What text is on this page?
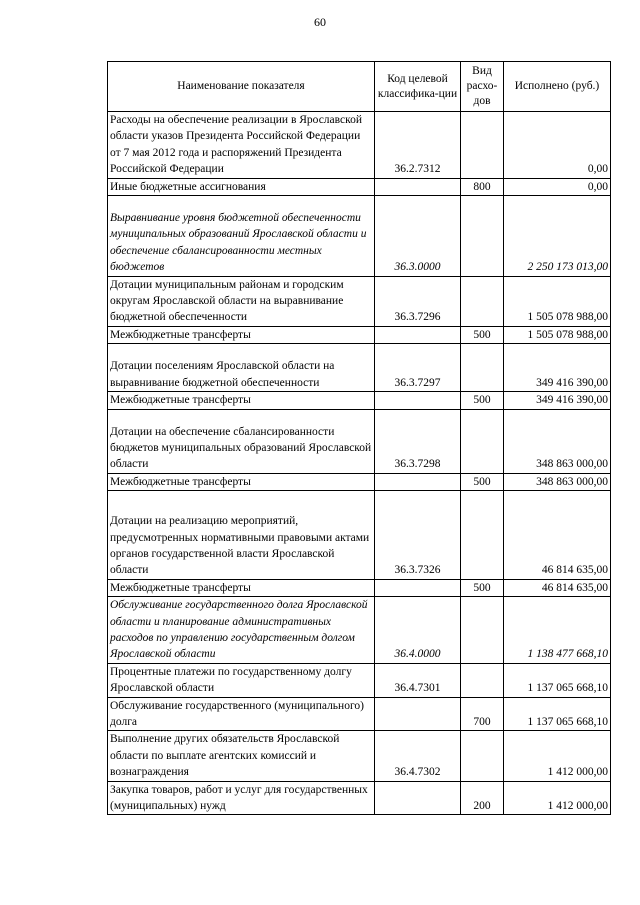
60
Наименование показателя	Код целевой классифика-ции	Вид расхо-дов	Исполнено (руб.)
Расходы на обеспечение реализации в Ярославской области указов Президента Российской Федерации от 7 мая 2012 года и распоряжений Президента Российской Федерации	36.2.7312		0,00
Иные бюджетные ассигнования		800	0,00
Выравнивание уровня бюджетной обеспеченности муниципальных образований Ярославской области и обеспечение сбалансированности местных бюджетов	36.3.0000		2 250 173 013,00
Дотации муниципальным районам и городским округам Ярославской области на выравнивание бюджетной обеспеченности	36.3.7296		1 505 078 988,00
Межбюджетные трансферты		500	1 505 078 988,00
Дотации поселениям Ярославской области на выравнивание бюджетной обеспеченности	36.3.7297		349 416 390,00
Межбюджетные трансферты		500	349 416 390,00
Дотации на обеспечение сбалансированности бюджетов муниципальных образований Ярославской области	36.3.7298		348 863 000,00
Межбюджетные трансферты		500	348 863 000,00
Дотации на реализацию мероприятий, предусмотренных нормативными правовыми актами органов государственной власти Ярославской области	36.3.7326		46 814 635,00
Межбюджетные трансферты		500	46 814 635,00
Обслуживание государственного долга Ярославской области и планирование административных расходов по управлению государственным долгом Ярославской области	36.4.0000		1 138 477 668,10
Процентные платежи по государственному долгу Ярославской области	36.4.7301		1 137 065 668,10
Обслуживание государственного (муниципального) долга		700	1 137 065 668,10
Выполнение других обязательств Ярославской области по выплате агентских комиссий и вознаграждения	36.4.7302		1 412 000,00
Закупка товаров, работ и услуг для государственных (муниципальных) нужд		200	1 412 000,00
